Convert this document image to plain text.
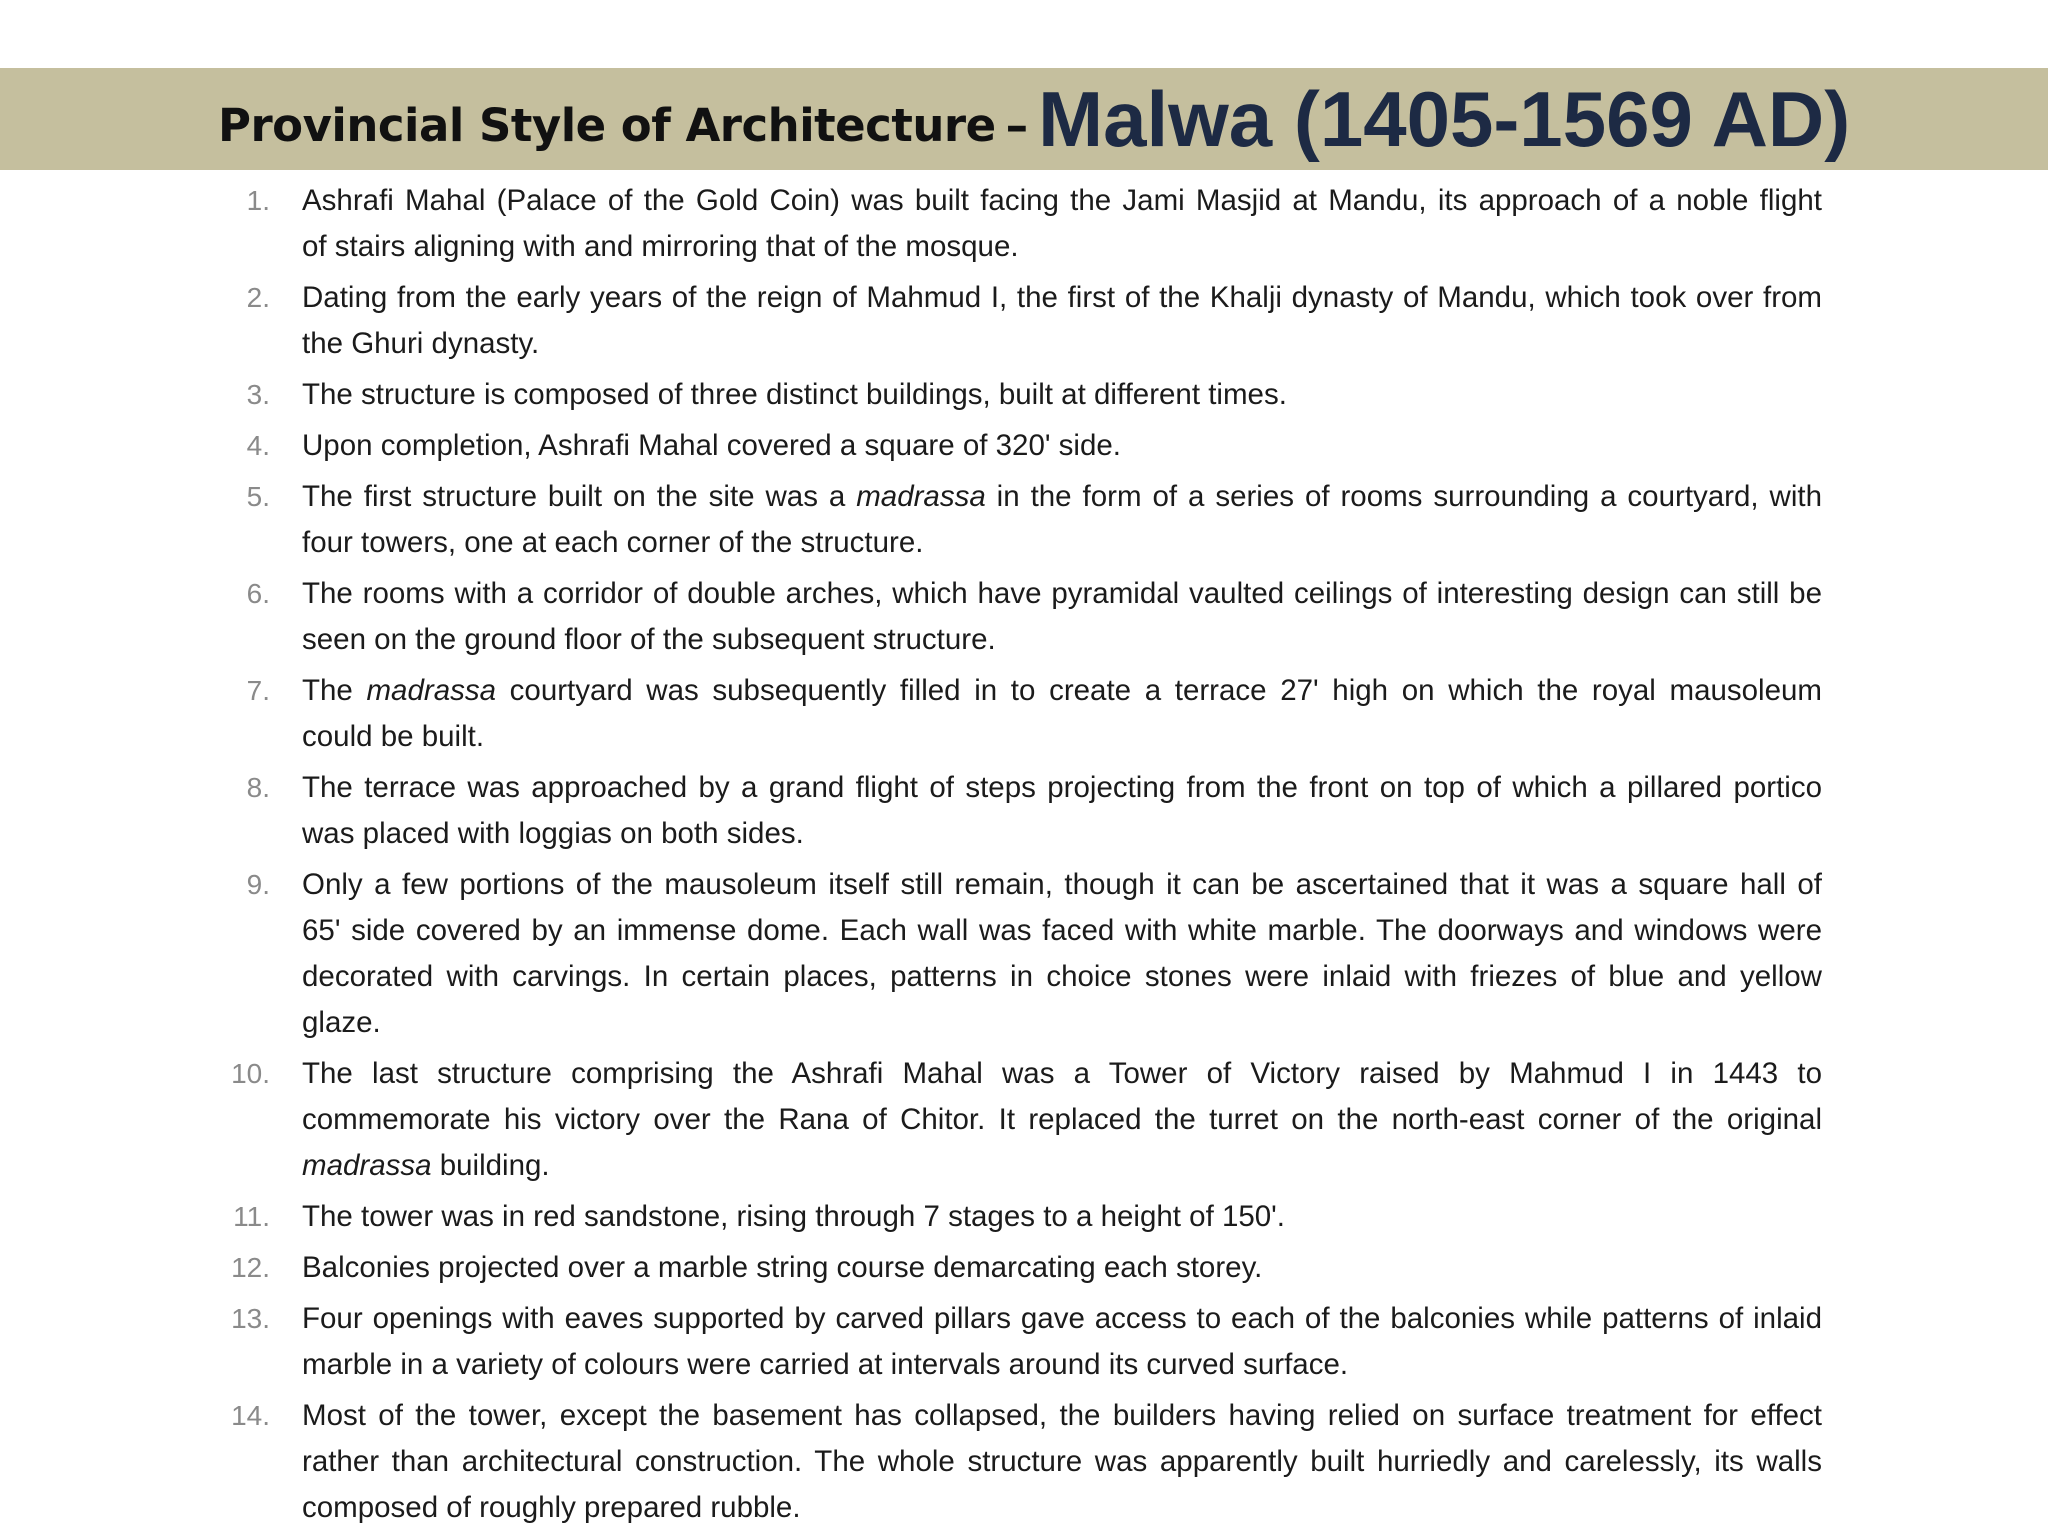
Provincial Style of Architecture – Malwa (1405-1569 AD)
1. Ashrafi Mahal (Palace of the Gold Coin) was built facing the Jami Masjid at Mandu, its approach of a noble flight
of stairs aligning with and mirroring that of the mosque.
2. Dating from the early years of the reign of Mahmud I, the first of the Khalji dynasty of Mandu, which took over from
the Ghuri dynasty.
3. The structure is composed of three distinct buildings, built at different times.
4. Upon completion, Ashrafi Mahal covered a square of 320' side.
5. The first structure built on the site was a madrassa in the form of a series of rooms surrounding a courtyard, with
four towers, one at each corner of the structure.
6. The rooms with a corridor of double arches, which have pyramidal vaulted ceilings of interesting design can still be
seen on the ground floor of the subsequent structure.
7. The madrassa courtyard was subsequently filled in to create a terrace 27' high on which the royal mausoleum
could be built.
8. The terrace was approached by a grand flight of steps projecting from the front on top of which a pillared portico
was placed with loggias on both sides.
9. Only a few portions of the mausoleum itself still remain, though it can be ascertained that it was a square hall of
65' side covered by an immense dome. Each wall was faced with white marble. The doorways and windows were
decorated with carvings. In certain places, patterns in choice stones were inlaid with friezes of blue and yellow
glaze.
10. The last structure comprising the Ashrafi Mahal was a Tower of Victory raised by Mahmud I in 1443 to
commemorate his victory over the Rana of Chitor. It replaced the turret on the north-east corner of the original
madrassa building.
11. The tower was in red sandstone, rising through 7 stages to a height of 150'.
12. Balconies projected over a marble string course demarcating each storey.
13. Four openings with eaves supported by carved pillars gave access to each of the balconies while patterns of inlaid
marble in a variety of colours were carried at intervals around its curved surface.
14. Most of the tower, except the basement has collapsed, the builders having relied on surface treatment for effect
rather than architectural construction. The whole structure was apparently built hurriedly and carelessly, its walls
composed of roughly prepared rubble.
